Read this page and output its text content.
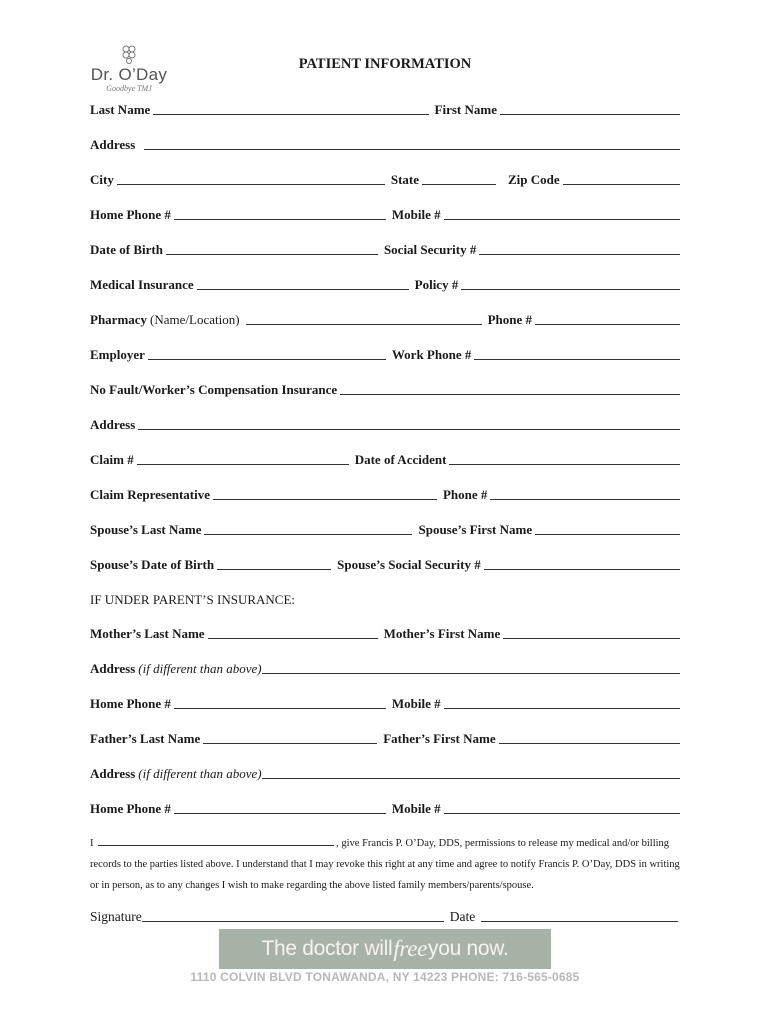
Dr. O’Day
Goodbye TMJ
PATIENT INFORMATION
Last Name	First Name
Address
City	State	Zip Code
Home Phone #	Mobile #
Date of Birth	Social Security #
Medical Insurance	Policy #
Pharmacy (Name/Location)	Phone #
Employer	Work Phone #
No Fault/Worker’s Compensation Insurance
Address
Claim #	Date of Accident
Claim Representative	Phone #
Spouse’s Last Name	Spouse’s First Name
Spouse’s Date of Birth	Spouse’s Social Security #
IF UNDER PARENT’S INSURANCE:
Mother’s Last Name	Mother’s First Name
Address (if different than above)
Home Phone #	Mobile #
Father’s Last Name	Father’s First Name
Address (if different than above)
Home Phone #	Mobile #
I	, give Francis P. O’Day, DDS, permissions to release my medical and/or billing records to the parties listed above. I understand that I may revoke this right at any time and agree to notify Francis P. O’Day, DDS in writing or in person, as to any changes I wish to make regarding the above listed family members/parents/spouse.
Signature	Date
The doctor will free you now.
1110 COLVIN BLVD TONAWANDA, NY 14223 PHONE: 716-565-0685
